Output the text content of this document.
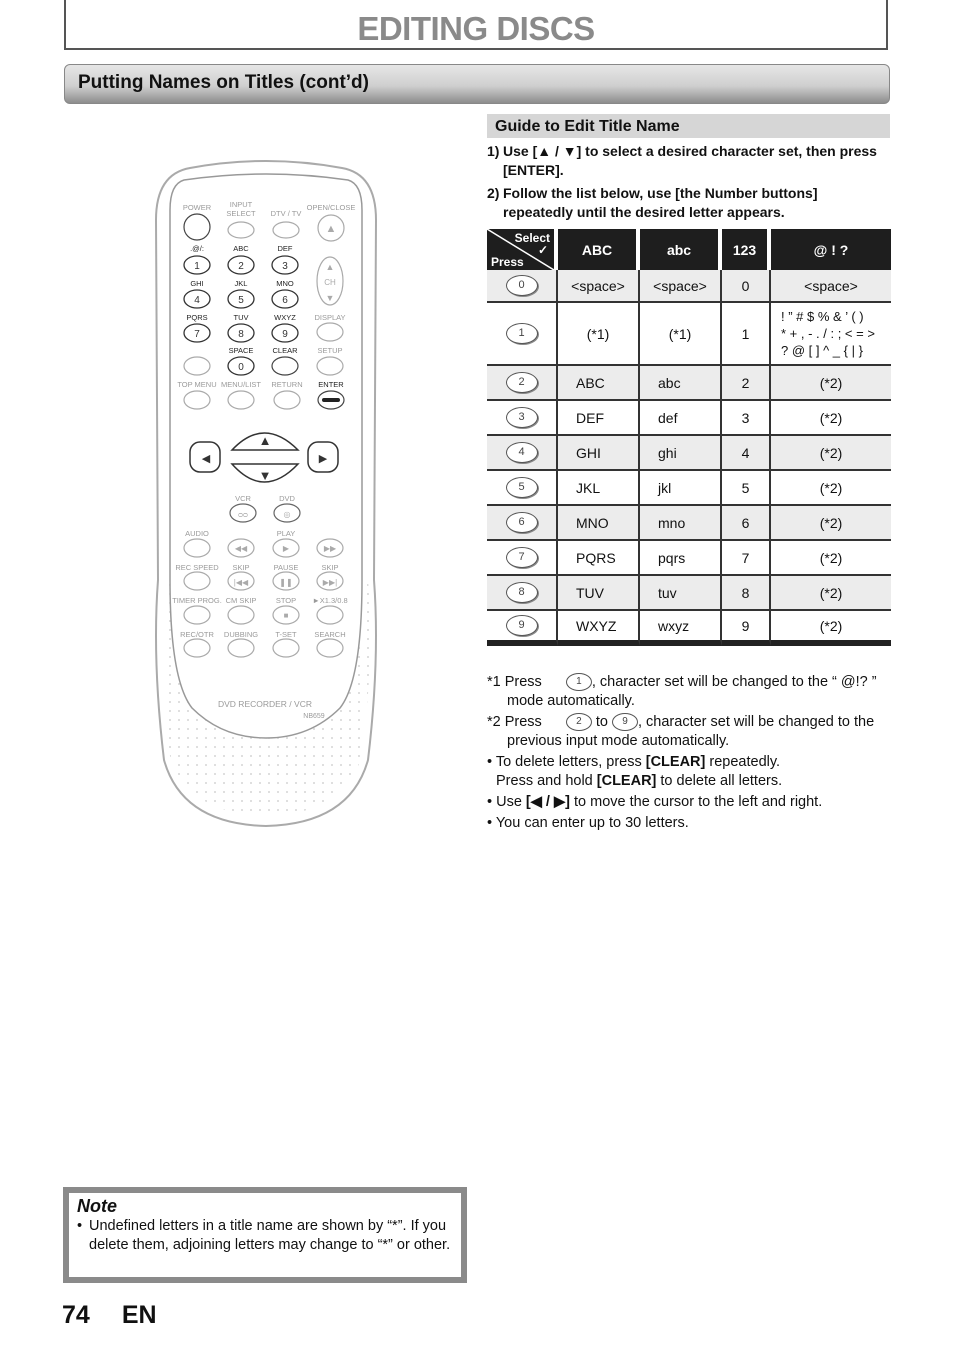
EDITING DISCS
Putting Names on Titles (cont’d)
POWER INPUT
SELECT DTV / TV
OPEN/CLOSE
▲
.@/:	ABC	DEF
GHI	JKL	MNO
PQRS	TUV	WXYZ
SPACE	CLEAR
ENTER
DISPLAY
SETUP
TOP MENU MENU/LIST RETURN
1	2	3
4	5	6
7	8	9
0
▲
CH
▼
▲
▼
◀	▶
VCR	DVD
AUDIO	PLAY
REC SPEED SKIP	PAUSE	SKIP
TIMER PROG. CM SKIP	STOP ►X1.3/0.8
REC/OTR DUBBING T-SET SEARCH
DVD RECORDER / VCR
NB659
ᴑᴑ	◎
◀◀	▶	▶▶
|◀◀	❚❚	▶▶|
■
Guide to Edit Title Name
1) Use [▲ / ▼] to select a desired character set, then press [ENTER].
2) Follow the list below, use [the Number buttons] repeatedly until the desired letter appears.
Select
✓
Press	ABC	abc	123	@ ! ?
0	<space>	<space>	0	<space>
1	(*1)	(*1)	1	! ” # $ % & ’ ( )
* + , - . / : ; < = >
? @ [ ] ^ _ { | }

2	ABC	abc	2	(*2)
3	DEF	def	3	(*2)
4	GHI	ghi	4	(*2)
5	JKL	jkl	5	(*2)
6	MNO	mno	6	(*2)
7	PQRS	pqrs	7	(*2)
8	TUV	tuv	8	(*2)
9	WXYZ	wxyz	9	(*2)

*1 Press	1 , character set will be changed to the “ @!? ” mode automatically.

*2 Press	2 to 9 , character set will be changed to the previous input mode automatically.

• To delete letters, press [CLEAR] repeatedly.
Press and hold [CLEAR] to delete all letters.

• Use [◀ / ▶] to move the cursor to the left and right.

• You can enter up to 30 letters.

Note

• Undefined letters in a title name are shown by “*”. If you delete them, adjoining letters may change to “*” or other.

74 EN
